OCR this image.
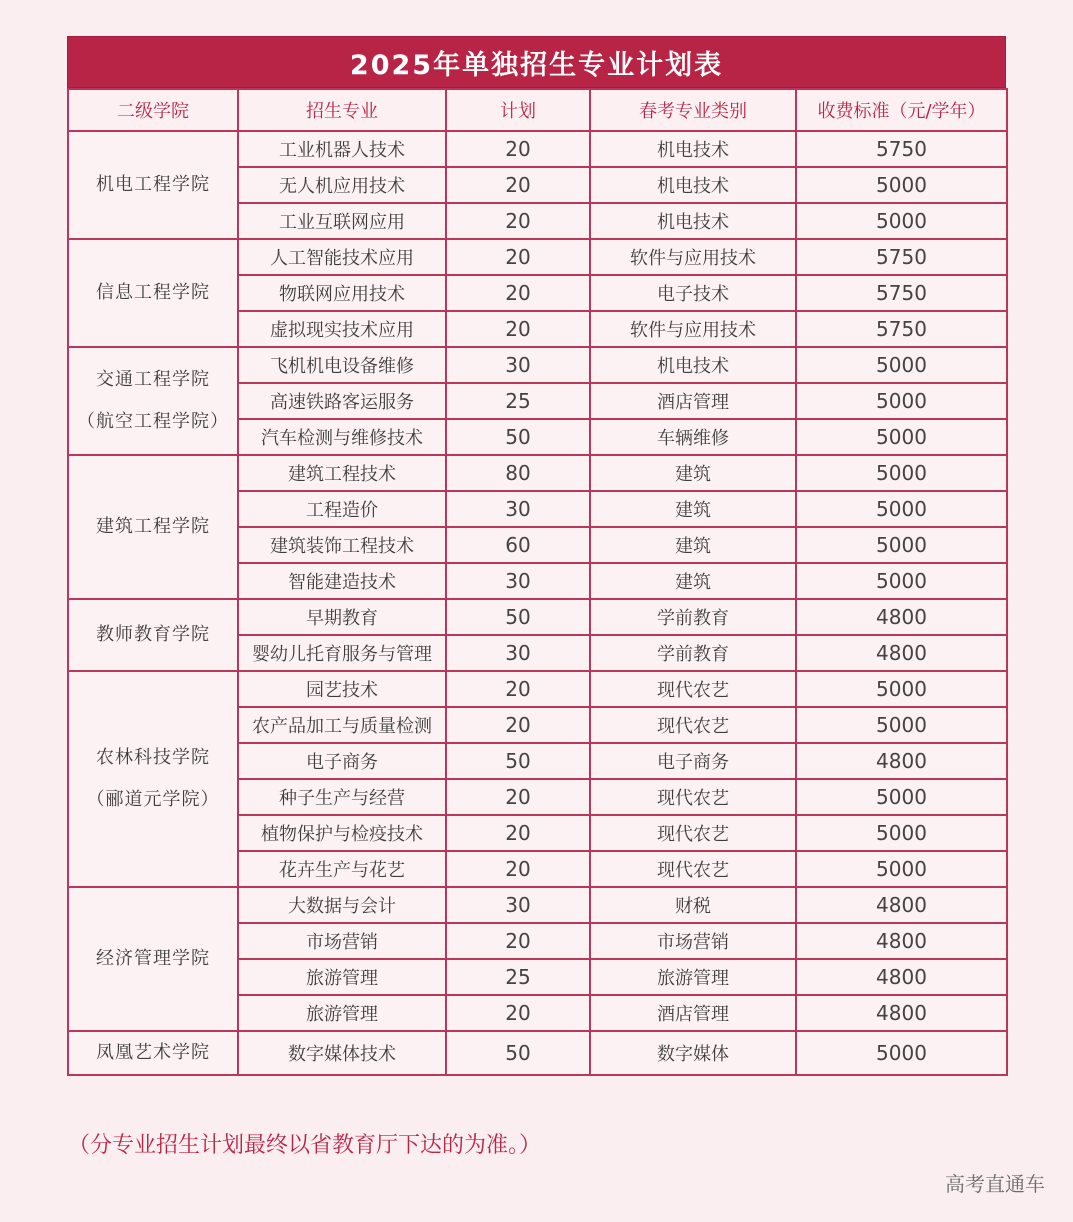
2025年单独招生专业计划表
二级学院	招生专业	计划	春考专业类别	收费标准（元/学年）

机电工程学院	工业机器人技术	20	机电技术	5750
	无人机应用技术	20	机电技术	5000
	工业互联网应用	20	机电技术	5000

信息工程学院	人工智能技术应用	20	软件与应用技术	5750
	物联网应用技术	20	电子技术	5750
	虚拟现实技术应用	20	软件与应用技术	5750

交通工程学院
（航空工程学院）	飞机机电设备维修	30	机电技术	5000
	高速铁路客运服务	25	酒店管理	5000
	汽车检测与维修技术	50	车辆维修	5000

建筑工程学院	建筑工程技术	80	建筑	5000
	工程造价	30	建筑	5000
	建筑装饰工程技术	60	建筑	5000
	智能建造技术	30	建筑	5000

教师教育学院	早期教育	50	学前教育	4800
	婴幼儿托育服务与管理	30	学前教育	4800

农林科技学院
（郦道元学院）	园艺技术	20	现代农艺	5000
	农产品加工与质量检测	20	现代农艺	5000
	电子商务	50	电子商务	4800
	种子生产与经营	20	现代农艺	5000
	植物保护与检疫技术	20	现代农艺	5000
	花卉生产与花艺	20	现代农艺	5000

经济管理学院	大数据与会计	30	财税	4800
	市场营销	20	市场营销	4800
	旅游管理	25	旅游管理	4800
	旅游管理	20	酒店管理	4800

凤凰艺术学院	数字媒体技术	50	数字媒体	5000
（分专业招生计划最终以省教育厅下达的为准。）
高考直通车
